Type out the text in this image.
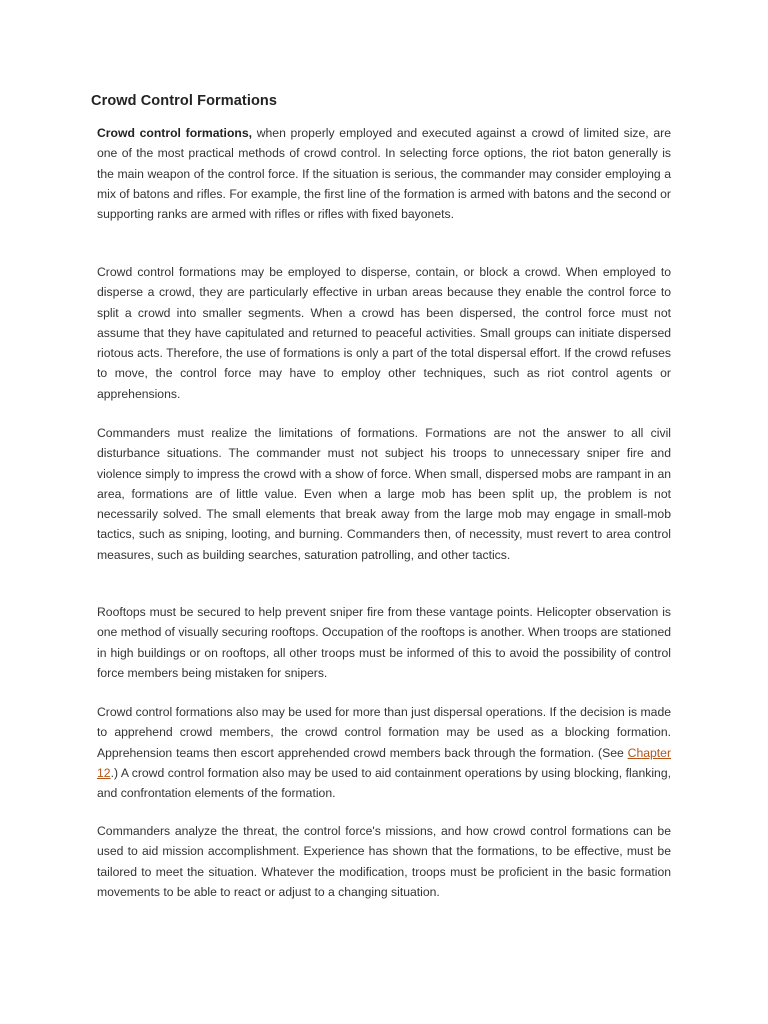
Crowd Control Formations

Crowd control formations, when properly employed and executed against a crowd of limited size, are one of the most practical methods of crowd control. In selecting force options, the riot baton generally is the main weapon of the control force. If the situation is serious, the commander may consider employing a mix of batons and rifles. For example, the first line of the formation is armed with batons and the second or supporting ranks are armed with rifles or rifles with fixed bayonets.

Crowd control formations may be employed to disperse, contain, or block a crowd. When employed to disperse a crowd, they are particularly effective in urban areas because they enable the control force to split a crowd into smaller segments. When a crowd has been dispersed, the control force must not assume that they have capitulated and returned to peaceful activities. Small groups can initiate dispersed riotous acts. Therefore, the use of formations is only a part of the total dispersal effort. If the crowd refuses to move, the control force may have to employ other techniques, such as riot control agents or apprehensions.

Commanders must realize the limitations of formations. Formations are not the answer to all civil disturbance situations. The commander must not subject his troops to unnecessary sniper fire and violence simply to impress the crowd with a show of force. When small, dispersed mobs are rampant in an area, formations are of little value. Even when a large mob has been split up, the problem is not necessarily solved. The small elements that break away from the large mob may engage in small-mob tactics, such as sniping, looting, and burning. Commanders then, of necessity, must revert to area control measures, such as building searches, saturation patrolling, and other tactics.

Rooftops must be secured to help prevent sniper fire from these vantage points. Helicopter observation is one method of visually securing rooftops. Occupation of the rooftops is another. When troops are stationed in high buildings or on rooftops, all other troops must be informed of this to avoid the possibility of control force members being mistaken for snipers.

Crowd control formations also may be used for more than just dispersal operations. If the decision is made to apprehend crowd members, the crowd control formation may be used as a blocking formation. Apprehension teams then escort apprehended crowd members back through the formation. (See Chapter 12.) A crowd control formation also may be used to aid containment operations by using blocking, flanking, and confrontation elements of the formation.

Commanders analyze the threat, the control force's missions, and how crowd control formations can be used to aid mission accomplishment. Experience has shown that the formations, to be effective, must be tailored to meet the situation. Whatever the modification, troops must be proficient in the basic formation movements to be able to react or adjust to a changing situation.
